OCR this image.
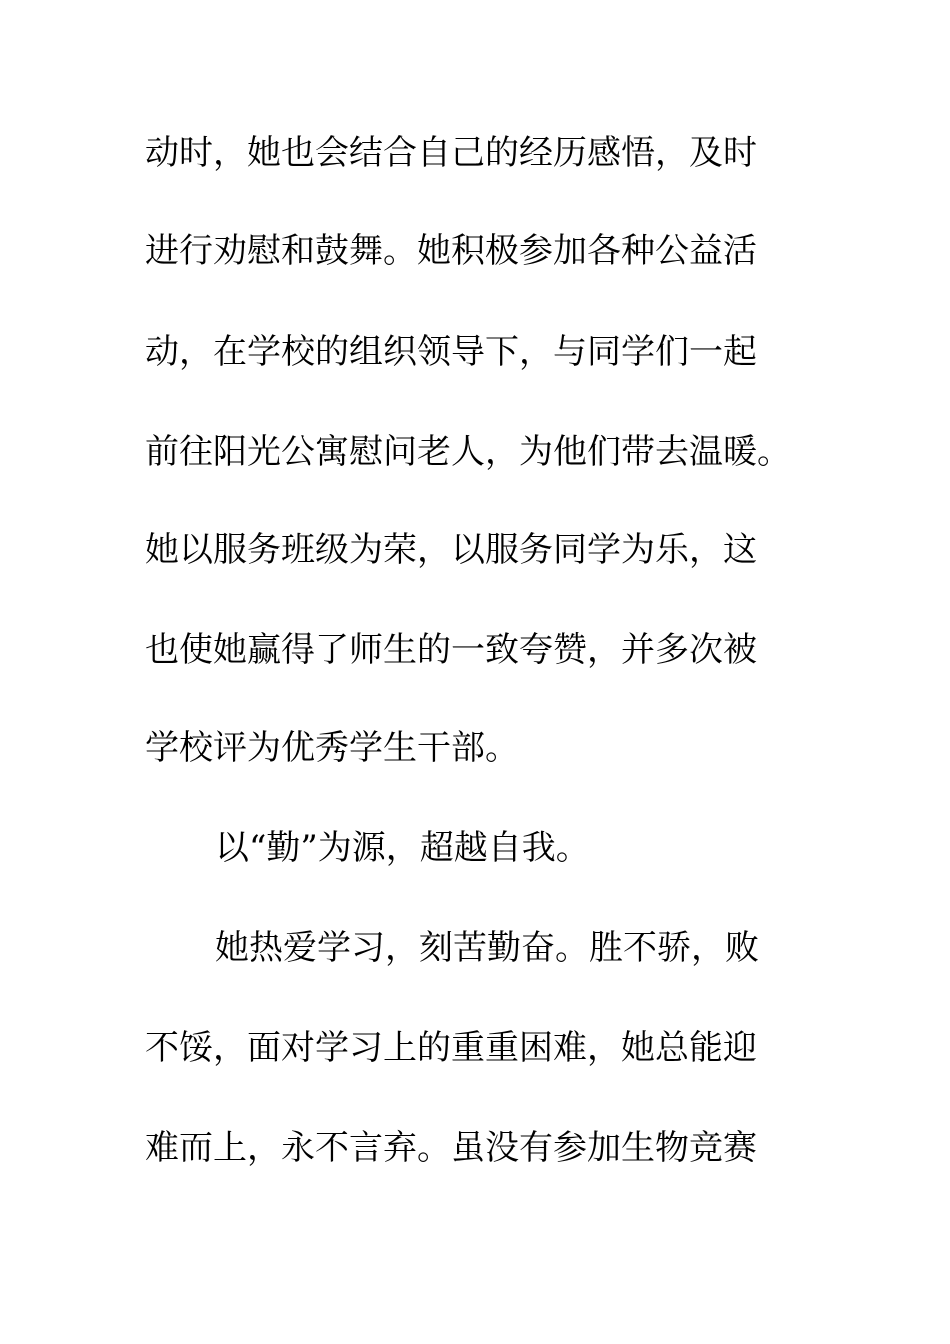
动时，她也会结合自己的经历感悟，及时
进行劝慰和鼓舞。她积极参加各种公益活
动，在学校的组织领导下，与同学们一起
前往阳光公寓慰问老人，为他们带去温暖。
她以服务班级为荣，以服务同学为乐，这
也使她赢得了师生的一致夸赞，并多次被
学校评为优秀学生干部。
以“勤”为源，超越自我。
她热爱学习，刻苦勤奋。胜不骄，败
不馁，面对学习上的重重困难，她总能迎
难而上，永不言弃。虽没有参加生物竞赛
